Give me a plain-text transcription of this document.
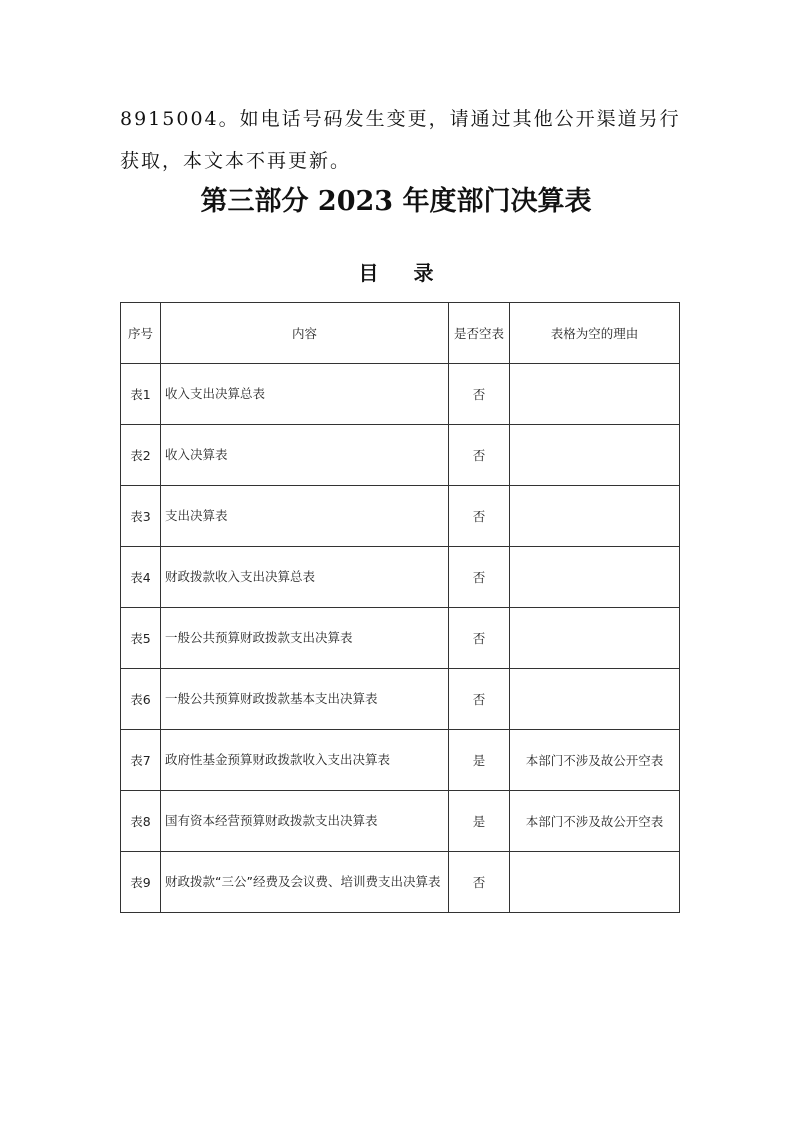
8915004。如电话号码发生变更，请通过其他公开渠道另行
获取，本文本不再更新。
第三部分 2023 年度部门决算表
目 录
序号	内容	是否空表	表格为空的理由
表1	收入支出决算总表	否	
表2	收入决算表	否	
表3	支出决算表	否	
表4	财政拨款收入支出决算总表	否	
表5	一般公共预算财政拨款支出决算表	否	
表6	一般公共预算财政拨款基本支出决算表	否	
表7	政府性基金预算财政拨款收入支出决算表	是	本部门不涉及故公开空表
表8	国有资本经营预算财政拨款支出决算表	是	本部门不涉及故公开空表
表9	财政拨款“三公”经费及会议费、培训费支出决算表	否	
